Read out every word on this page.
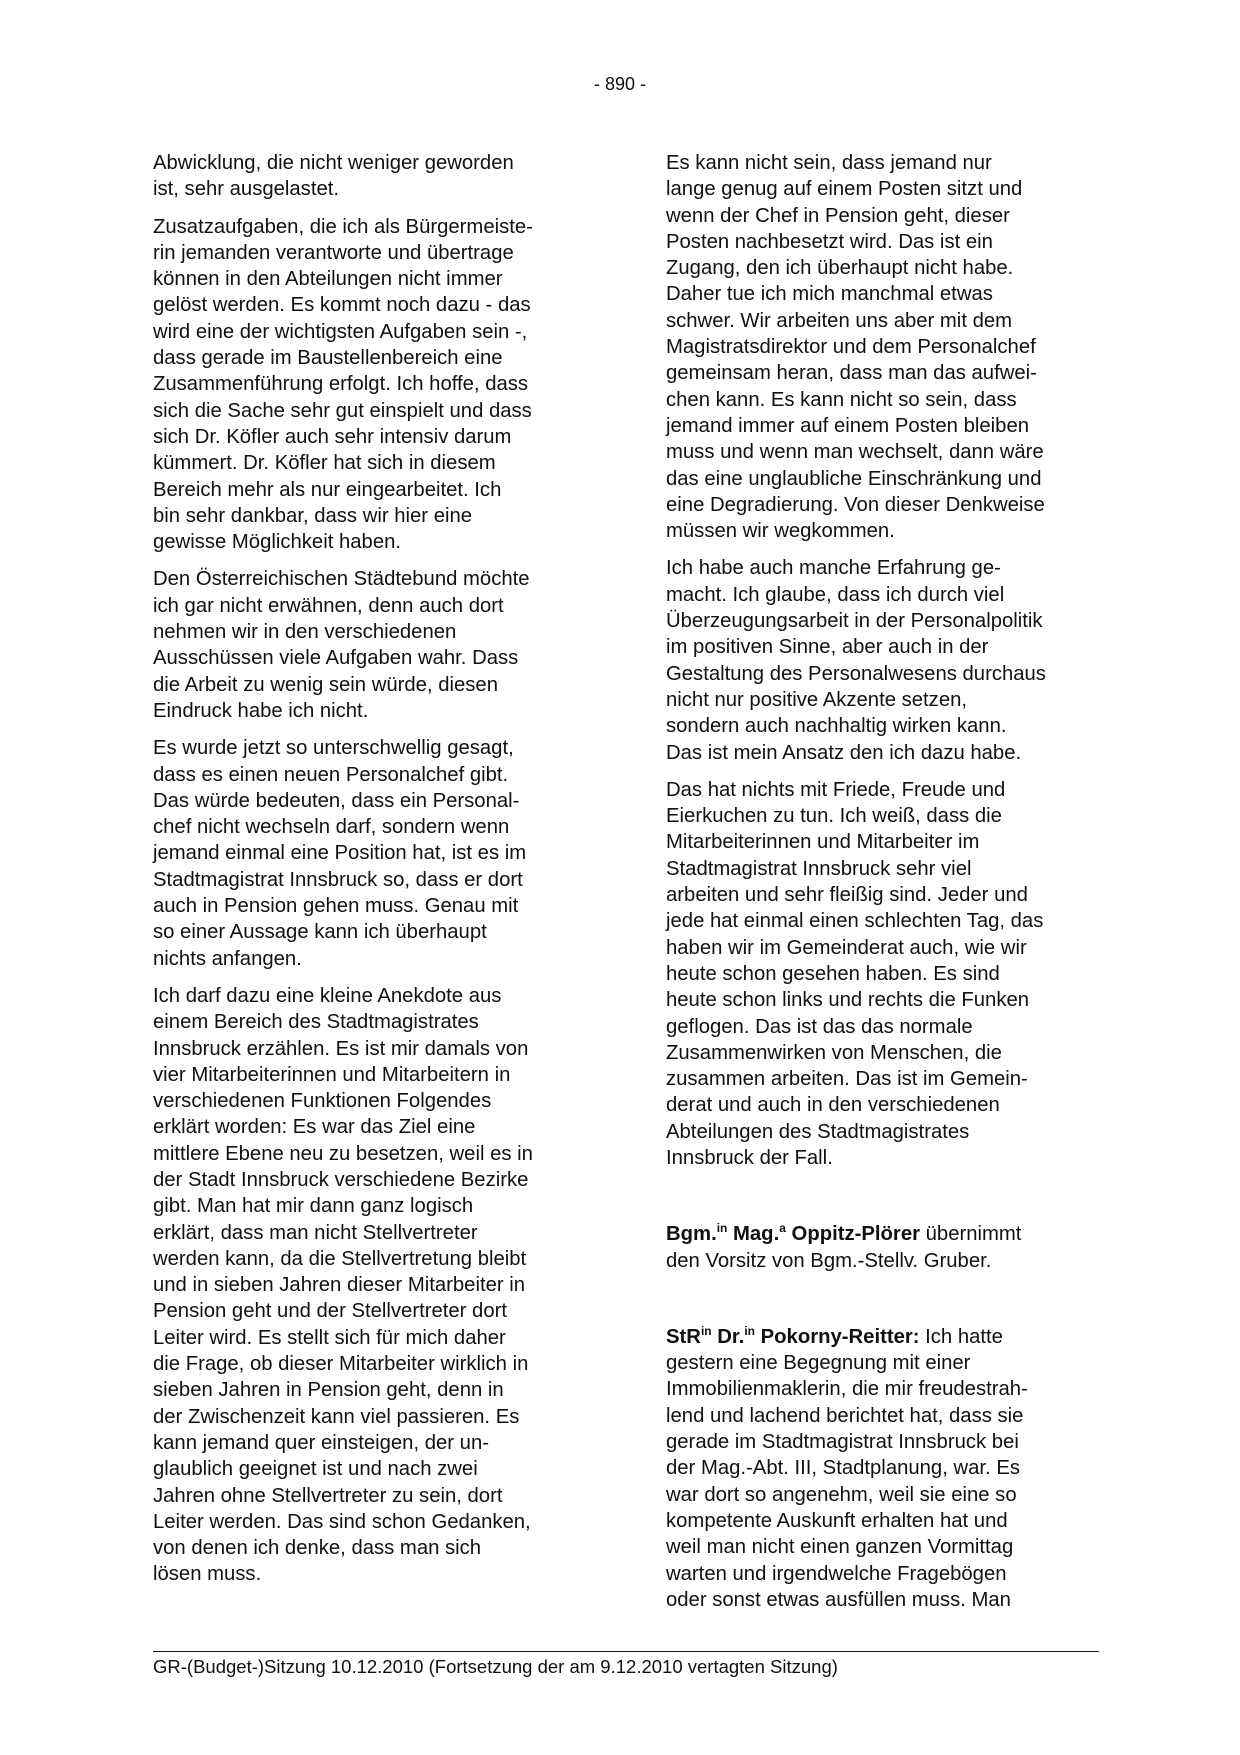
- 890 -

Abwicklung, die nicht weniger geworden
ist, sehr ausgelastet.

Zusatzaufgaben, die ich als Bürgermeiste-
rin jemanden verantworte und übertrage
können in den Abteilungen nicht immer
gelöst werden. Es kommt noch dazu - das
wird eine der wichtigsten Aufgaben sein -,
dass gerade im Baustellenbereich eine
Zusammenführung erfolgt. Ich hoffe, dass
sich die Sache sehr gut einspielt und dass
sich Dr. Köfler auch sehr intensiv darum
kümmert. Dr. Köfler hat sich in diesem
Bereich mehr als nur eingearbeitet. Ich
bin sehr dankbar, dass wir hier eine
gewisse Möglichkeit haben.

Den Österreichischen Städtebund möchte
ich gar nicht erwähnen, denn auch dort
nehmen wir in den verschiedenen
Ausschüssen viele Aufgaben wahr. Dass
die Arbeit zu wenig sein würde, diesen
Eindruck habe ich nicht.

Es wurde jetzt so unterschwellig gesagt,
dass es einen neuen Personalchef gibt.
Das würde bedeuten, dass ein Personal-
chef nicht wechseln darf, sondern wenn
jemand einmal eine Position hat, ist es im
Stadtmagistrat Innsbruck so, dass er dort
auch in Pension gehen muss. Genau mit
so einer Aussage kann ich überhaupt
nichts anfangen.

Ich darf dazu eine kleine Anekdote aus
einem Bereich des Stadtmagistrates
Innsbruck erzählen. Es ist mir damals von
vier Mitarbeiterinnen und Mitarbeitern in
verschiedenen Funktionen Folgendes
erklärt worden: Es war das Ziel eine
mittlere Ebene neu zu besetzen, weil es in
der Stadt Innsbruck verschiedene Bezirke
gibt. Man hat mir dann ganz logisch
erklärt, dass man nicht Stellvertreter
werden kann, da die Stellvertretung bleibt
und in sieben Jahren dieser Mitarbeiter in
Pension geht und der Stellvertreter dort
Leiter wird. Es stellt sich für mich daher
die Frage, ob dieser Mitarbeiter wirklich in
sieben Jahren in Pension geht, denn in
der Zwischenzeit kann viel passieren. Es
kann jemand quer einsteigen, der un-
glaublich geeignet ist und nach zwei
Jahren ohne Stellvertreter zu sein, dort
Leiter werden. Das sind schon Gedanken,
von denen ich denke, dass man sich
lösen muss.

Es kann nicht sein, dass jemand nur
lange genug auf einem Posten sitzt und
wenn der Chef in Pension geht, dieser
Posten nachbesetzt wird. Das ist ein
Zugang, den ich überhaupt nicht habe.
Daher tue ich mich manchmal etwas
schwer. Wir arbeiten uns aber mit dem
Magistratsdirektor und dem Personalchef
gemeinsam heran, dass man das aufwei-
chen kann. Es kann nicht so sein, dass
jemand immer auf einem Posten bleiben
muss und wenn man wechselt, dann wäre
das eine unglaubliche Einschränkung und
eine Degradierung. Von dieser Denkweise
müssen wir wegkommen.

Ich habe auch manche Erfahrung ge-
macht. Ich glaube, dass ich durch viel
Überzeugungsarbeit in der Personalpolitik
im positiven Sinne, aber auch in der
Gestaltung des Personalwesens durchaus
nicht nur positive Akzente setzen,
sondern auch nachhaltig wirken kann.
Das ist mein Ansatz den ich dazu habe.

Das hat nichts mit Friede, Freude und
Eierkuchen zu tun. Ich weiß, dass die
Mitarbeiterinnen und Mitarbeiter im
Stadtmagistrat Innsbruck sehr viel
arbeiten und sehr fleißig sind. Jeder und
jede hat einmal einen schlechten Tag, das
haben wir im Gemeinderat auch, wie wir
heute schon gesehen haben. Es sind
heute schon links und rechts die Funken
geflogen. Das ist das das normale
Zusammenwirken von Menschen, die
zusammen arbeiten. Das ist im Gemein-
derat und auch in den verschiedenen
Abteilungen des Stadtmagistrates
Innsbruck der Fall.

Bgm.$^{in}$ Mag.$^a$ Oppitz-Plörer übernimmt
den Vorsitz von Bgm.-Stellv. Gruber.

StR$^{in}$ Dr.$^{in}$ Pokorny-Reitter: Ich hatte
gestern eine Begegnung mit einer
Immobilienmaklerin, die mir freudestrah-
lend und lachend berichtet hat, dass sie
gerade im Stadtmagistrat Innsbruck bei
der Mag.-Abt. III, Stadtplanung, war. Es
war dort so angenehm, weil sie eine so
kompetente Auskunft erhalten hat und
weil man nicht einen ganzen Vormittag
warten und irgendwelche Fragebögen
oder sonst etwas ausfüllen muss. Man

GR-(Budget-)Sitzung 10.12.2010 (Fortsetzung der am 9.12.2010 vertagten Sitzung)
